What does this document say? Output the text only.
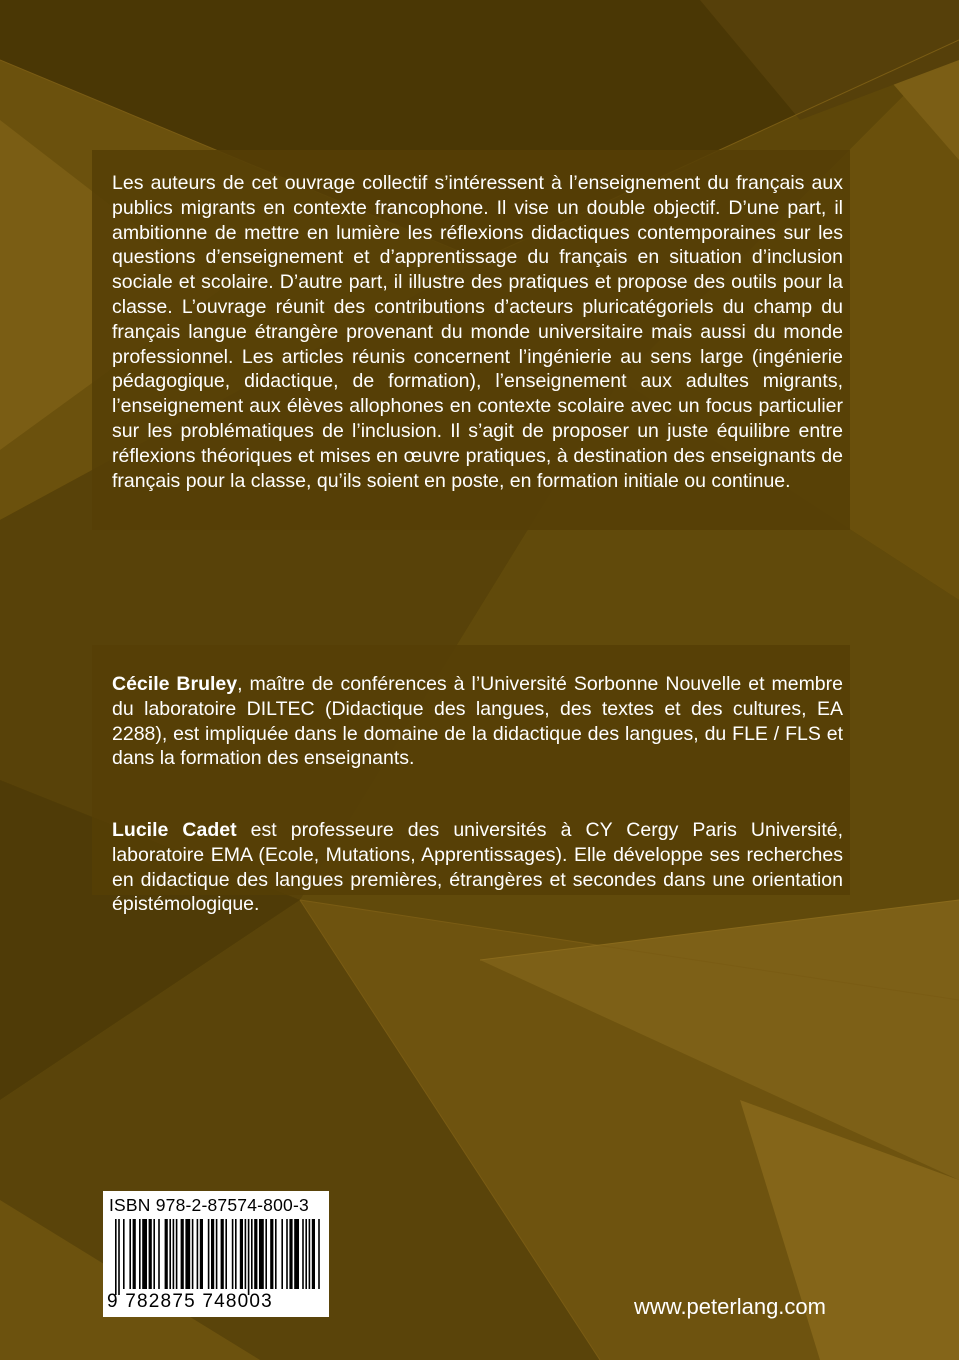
Les auteurs de cet ouvrage collectif s’intéressent à l’enseignement du français aux publics migrants en contexte francophone. Il vise un double objectif. D’une part, il ambitionne de mettre en lumière les réflexions didactiques contemporaines sur les questions d’enseignement et d’apprentissage du français en situation d’inclusion sociale et scolaire. D’autre part, il illustre des pratiques et propose des outils pour la classe. L’ouvrage réunit des contributions d’acteurs pluricatégoriels du champ du français langue étrangère provenant du monde universitaire mais aussi du monde professionnel. Les articles réunis concernent l’ingénierie au sens large (ingénierie pédagogique, didactique, de formation), l’enseignement aux adultes migrants, l’enseignement aux élèves allophones en contexte scolaire avec un focus particulier sur les problématiques de l’inclusion. Il s’agit de proposer un juste équilibre entre réflexions théoriques et mises en œuvre pratiques, à destination des enseignants de français pour la classe, qu’ils soient en poste, en formation initiale ou continue.

Cécile Bruley, maître de conférences à l’Université Sorbonne Nouvelle et membre du laboratoire DILTEC (Didactique des langues, des textes et des cultures, EA 2288), est impliquée dans le domaine de la didactique des langues, du FLE / FLS et dans la formation des enseignants.

Lucile Cadet est professeure des universités à CY Cergy Paris Université, laboratoire EMA (Ecole, Mutations, Apprentissages). Elle développe ses recherches en didactique des langues premières, étrangères et secondes dans une orientation épistémologique.

ISBN 978-2-87574-800-3
9 782875 748003	www.peterlang.com
